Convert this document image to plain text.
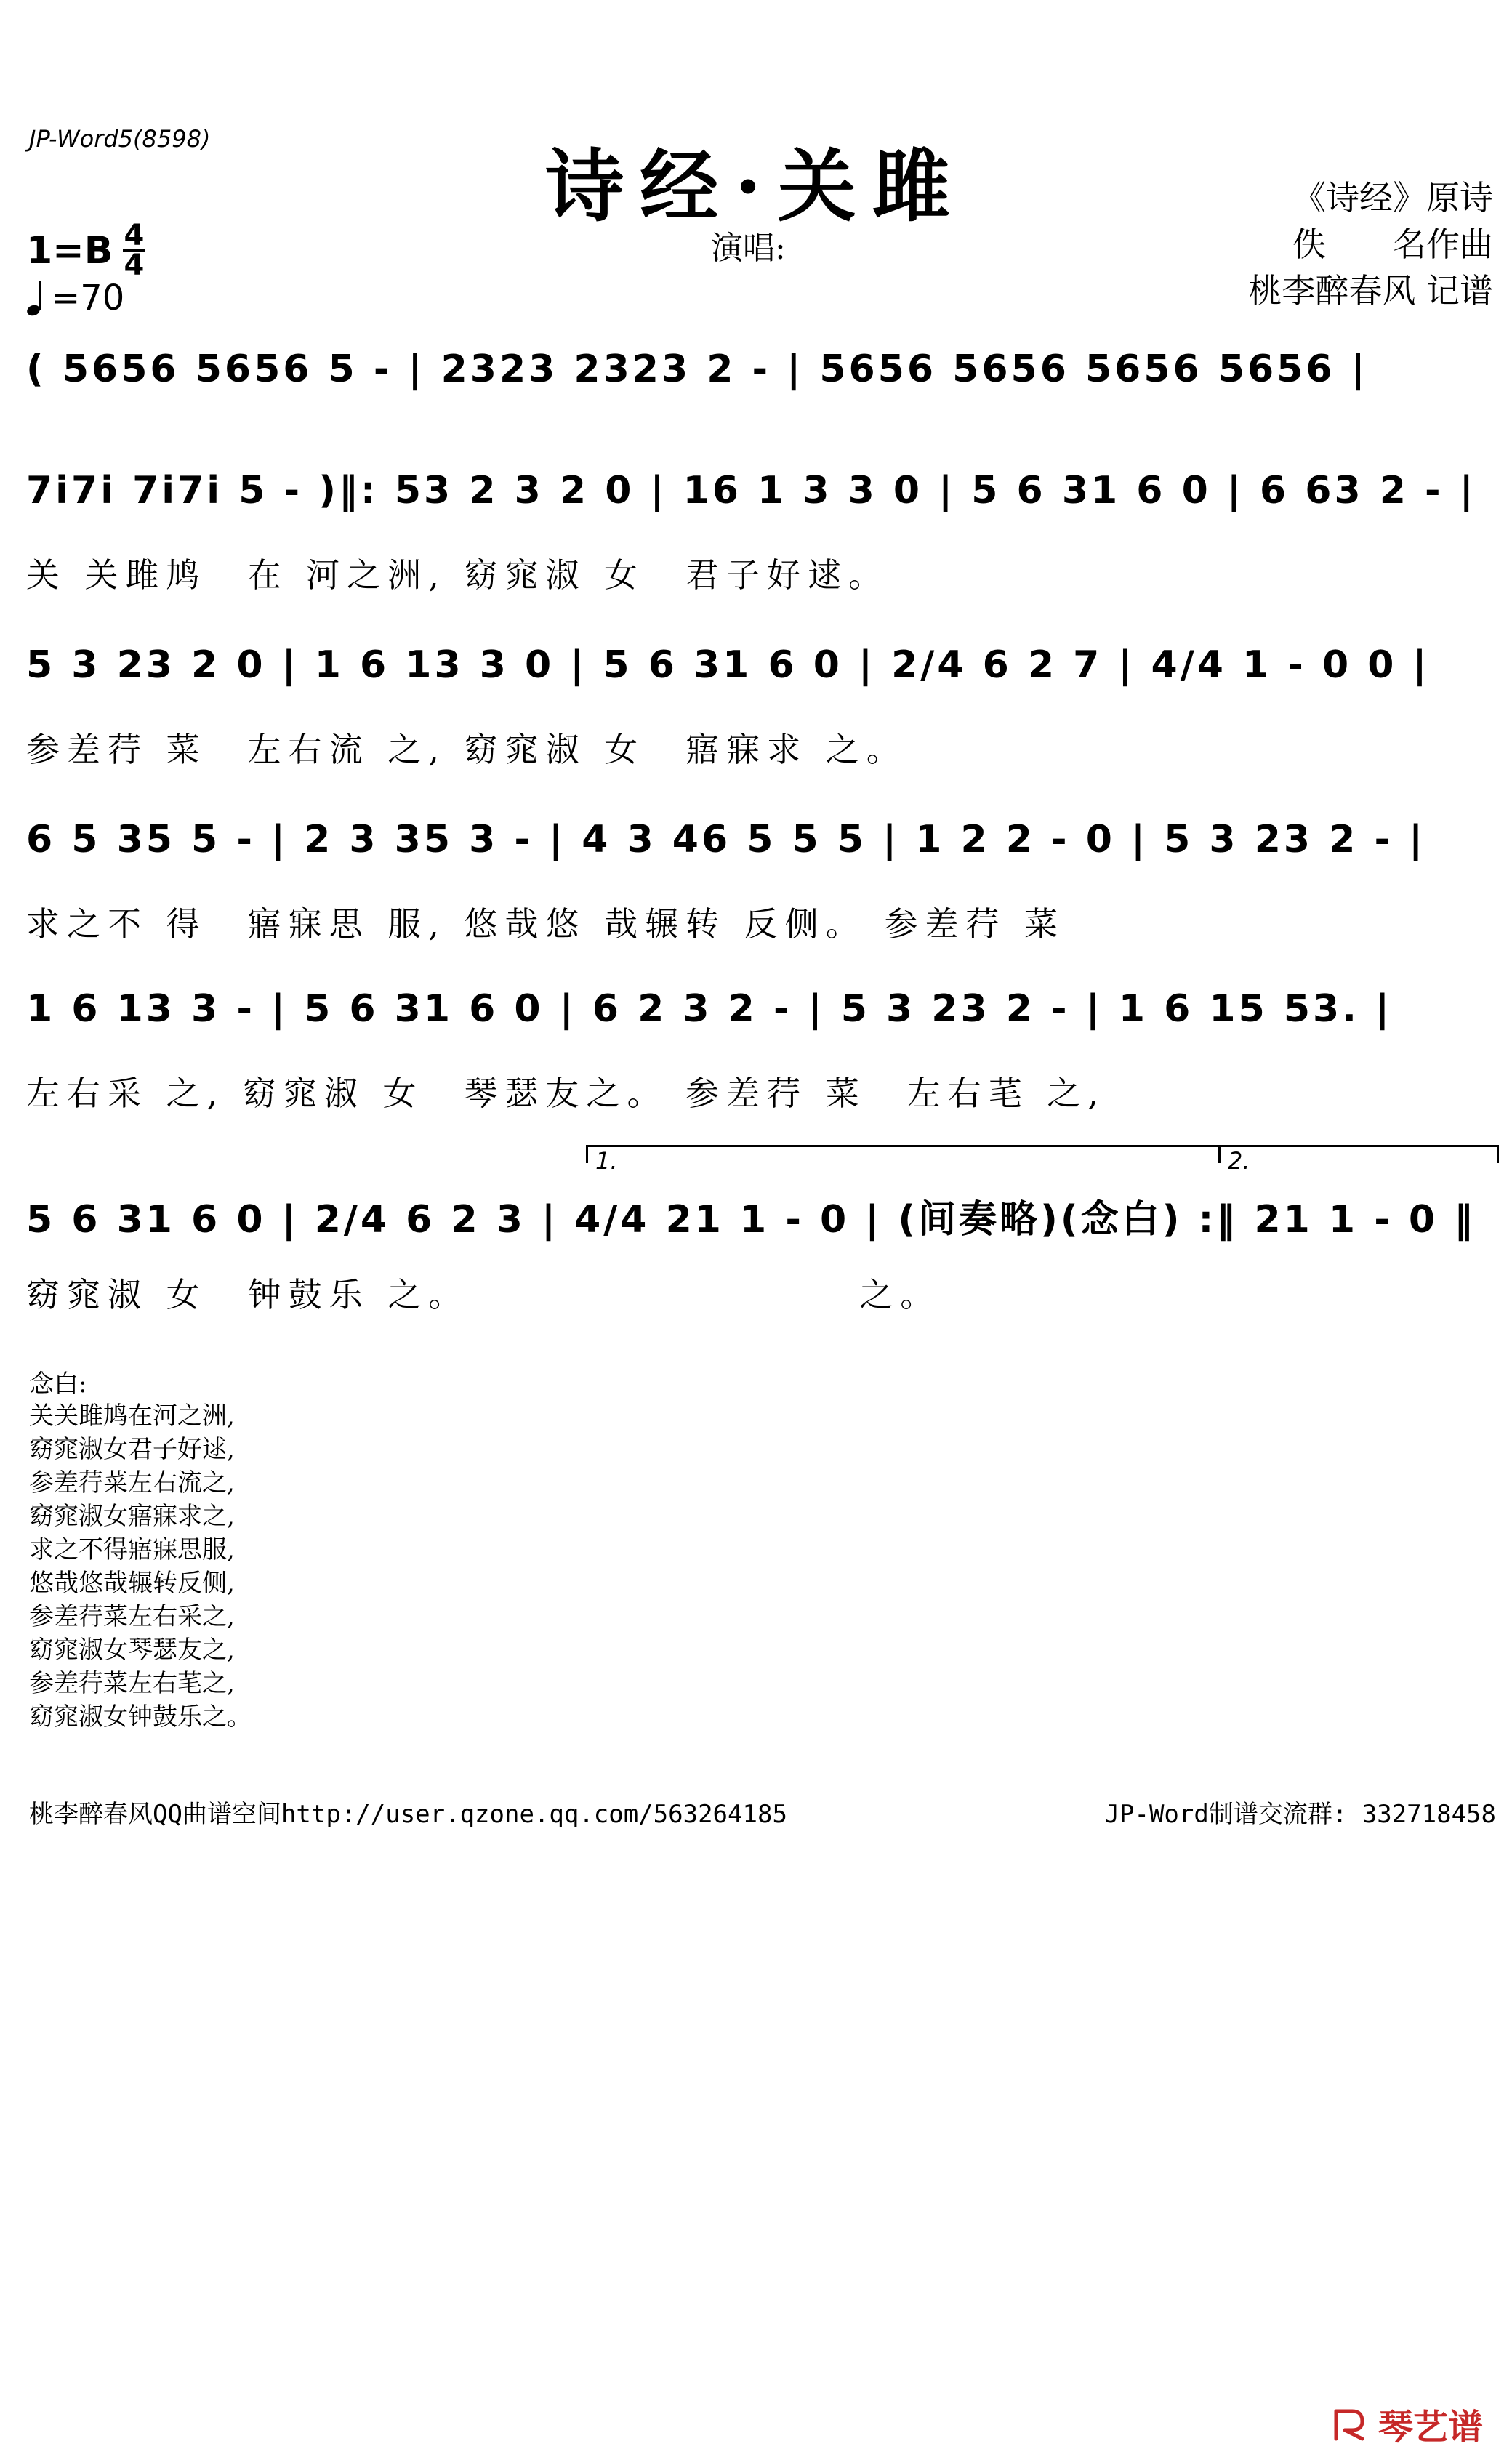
JP-Word5(8598)
诗经·关雎
1=B 4
4
=70
演唱:
《诗经》原诗
佚　　名作曲
桃李醉春风 记谱
( 5656 5656 5 - | 2323 2323 2 - | 5656 5656 5656 5656 |
7i7i 7i7i 5 - )‖: 53 2 3 2 0 | 16 1 3 3 0 | 5 6 31 6 0 | 6 63 2 - |
关 关雎鸠　在 河之洲, 窈窕淑 女　君子好逑。
5 3 23 2 0 | 1 6 13 3 0 | 5 6 31 6 0 | 2/4 6 2 7 | 4/4 1 - 0 0 |
参差荇 菜　左右流 之, 窈窕淑 女　寤寐求 之。
6 5 35 5 - | 2 3 35 3 - | 4 3 46 5 5 5 | 1 2 2 - 0 | 5 3 23 2 - |
求之不 得　寤寐思 服, 悠哉悠 哉辗转 反侧。 参差荇 菜
1 6 13 3 - | 5 6 31 6 0 | 6 2 3 2 - | 5 3 23 2 - | 1 6 15 53. |
左右采 之, 窈窕淑 女　琴瑟友之。 参差荇 菜　左右芼 之,
1.	2.
5 6 31 6 0 | 2/4 6 2 3 | 4/4 21 1 - 0 | (间奏略)(念白) :‖ 21 1 - 0 ‖
窈窕淑 女　钟鼓乐 之。　　　　　　　　　　之。
念白:
关关雎鸠在河之洲,
窈窕淑女君子好逑,
参差荇菜左右流之,
窈窕淑女寤寐求之,
求之不得寤寐思服,
悠哉悠哉辗转反侧,
参差荇菜左右采之,
窈窕淑女琴瑟友之,
参差荇菜左右芼之,
窈窕淑女钟鼓乐之。
桃李醉春风QQ曲谱空间http://user.qzone.qq.com/563264185	JP-Word制谱交流群: 332718458
琴艺谱
